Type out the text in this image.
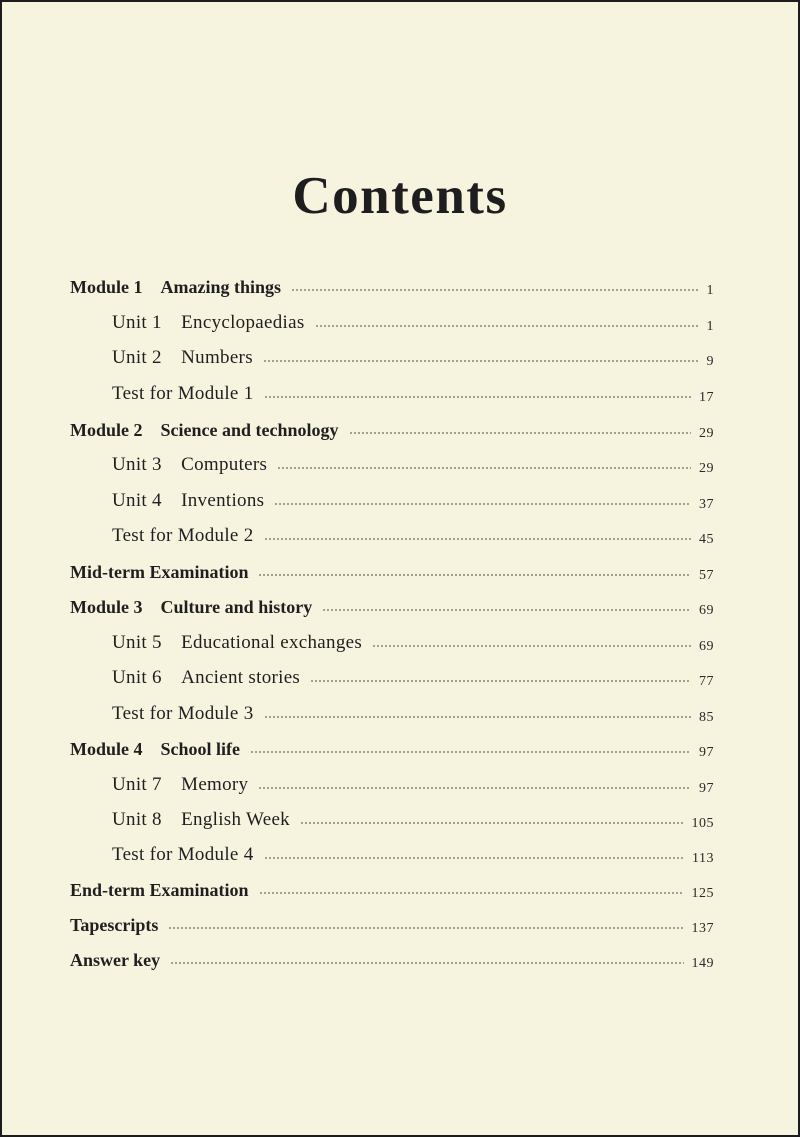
Contents
Module 1 Amazing things	1
Unit 1 Encyclopaedias	1
Unit 2 Numbers	9
Test for Module 1	17
Module 2 Science and technology	29
Unit 3 Computers	29
Unit 4 Inventions	37
Test for Module 2	45
Mid-term Examination	57
Module 3 Culture and history	69
Unit 5 Educational exchanges	69
Unit 6 Ancient stories	77
Test for Module 3	85
Module 4 School life	97
Unit 7 Memory	97
Unit 8 English Week	105
Test for Module 4	113
End-term Examination	125
Tapescripts	137
Answer key	149
